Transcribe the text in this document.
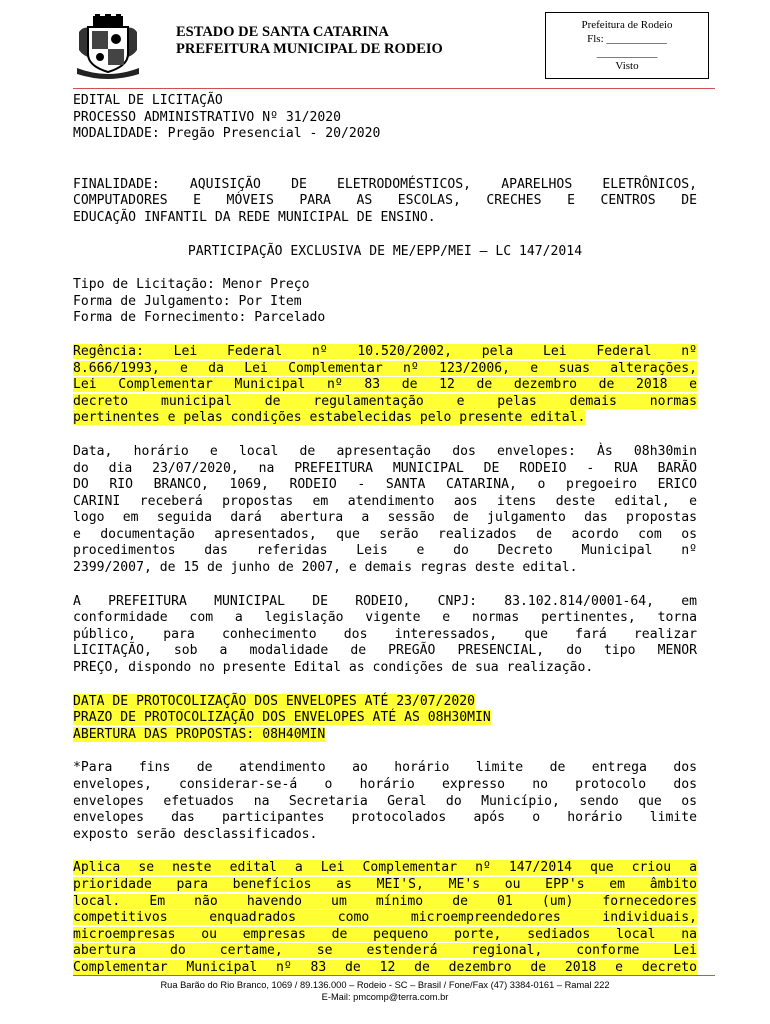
ESTADO DE SANTA CATARINA
PREFEITURA MUNICIPAL DE RODEIO
Prefeitura de Rodeio
Fls: ___________
___________
Visto

EDITAL DE LICITAÇÃO

PROCESSO ADMINISTRATIVO Nº 31/2020

MODALIDADE: Pregão Presencial - 20/2020

FINALIDADE: AQUISIÇÃO DE ELETRODOMÉSTICOS, APARELHOS ELETRÔNICOS,

COMPUTADORES E MÓVEIS PARA AS ESCOLAS, CRECHES E CENTROS DE

EDUCAÇÃO INFANTIL DA REDE MUNICIPAL DE ENSINO.

PARTICIPAÇÃO EXCLUSIVA DE ME/EPP/MEI – LC 147/2014

Tipo de Licitação: Menor Preço

Forma de Julgamento: Por Item

Forma de Fornecimento: Parcelado

Regência: Lei Federal nº 10.520/2002, pela Lei Federal nº

8.666/1993, e da Lei Complementar nº 123/2006, e suas alterações,

Lei Complementar Municipal nº 83 de 12 de dezembro de 2018 e

decreto municipal de regulamentação e pelas demais normas

pertinentes e pelas condições estabelecidas pelo presente edital.

Data, horário e local de apresentação dos envelopes: Às 08h30min

do dia 23/07/2020, na PREFEITURA MUNICIPAL DE RODEIO - RUA BARÃO

DO RIO BRANCO, 1069, RODEIO - SANTA CATARINA, o pregoeiro ERICO

CARINI receberá propostas em atendimento aos itens deste edital, e

logo em seguida dará abertura a sessão de julgamento das propostas

e documentação apresentados, que serão realizados de acordo com os

procedimentos das referidas Leis e do Decreto Municipal nº

2399/2007, de 15 de junho de 2007, e demais regras deste edital.

A PREFEITURA MUNICIPAL DE RODEIO, CNPJ: 83.102.814/0001-64, em

conformidade com a legislação vigente e normas pertinentes, torna

público, para conhecimento dos interessados, que fará realizar

LICITAÇÃO, sob a modalidade de PREGÃO PRESENCIAL, do tipo MENOR

PREÇO, dispondo no presente Edital as condições de sua realização.

DATA DE PROTOCOLIZAÇÃO DOS ENVELOPES ATÉ 23/07/2020

PRAZO DE PROTOCOLIZAÇÃO DOS ENVELOPES ATÉ AS 08H30MIN

ABERTURA DAS PROPOSTAS: 08H40MIN

*Para fins de atendimento ao horário limite de entrega dos

envelopes, considerar-se-á o horário expresso no protocolo dos

envelopes efetuados na Secretaria Geral do Município, sendo que os

envelopes das participantes protocolados após o horário limite

exposto serão desclassificados.

Aplica se neste edital a Lei Complementar nº 147/2014 que criou a

prioridade para benefícios as MEI'S, ME's ou EPP's em âmbito

local. Em não havendo um mínimo de 01 (um) fornecedores

competitivos enquadrados como microempreendedores individuais,

microempresas ou empresas de pequeno porte, sediados local na

abertura do certame, se estenderá regional, conforme Lei

Complementar Municipal nº 83 de 12 de dezembro de 2018 e decreto

Rua Barão do Rio Branco, 1069 / 89.136.000 – Rodeio - SC – Brasil / Fone/Fax (47) 3384-0161 – Ramal 222
E-Mail: pmcomp@terra.com.br
